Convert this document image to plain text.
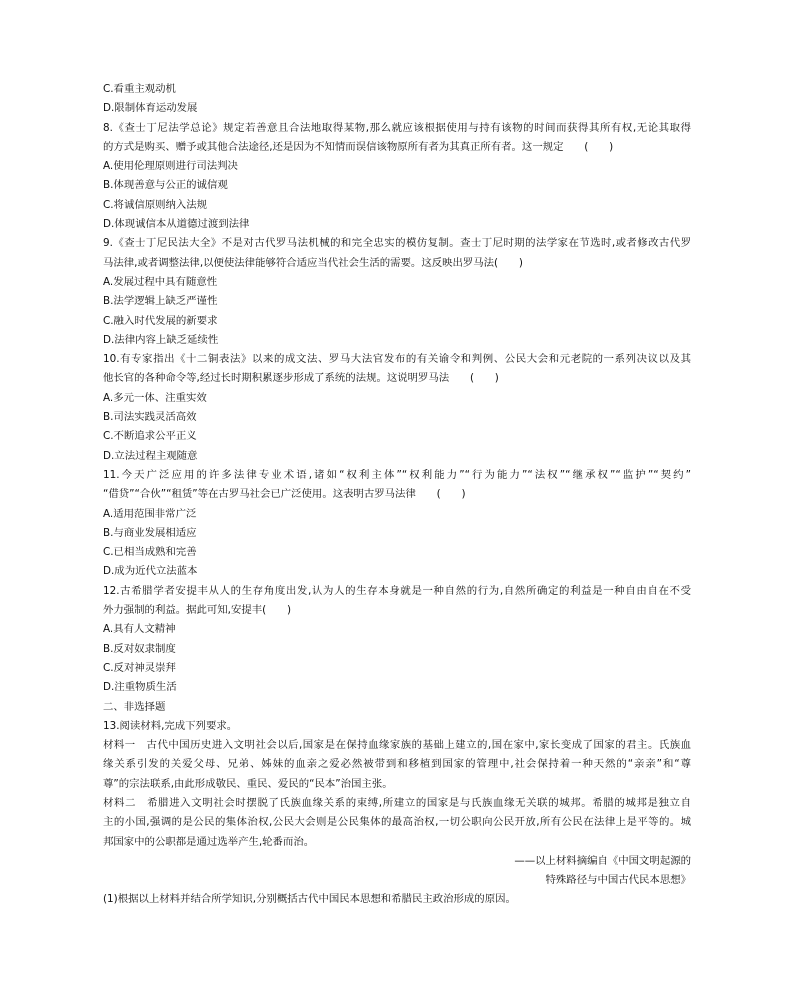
C.看重主观动机
D.限制体育运动发展
8.《查士丁尼法学总论》规定若善意且合法地取得某物,那么就应该根据使用与持有该物的时间而获得其所有权,无论其取得
的方式是购买、赠予或其他合法途径,还是因为不知情而误信该物原所有者为其真正所有者。这一规定　　(　　)
A.使用伦理原则进行司法判决
B.体现善意与公正的诚信观
C.将诚信原则纳入法规
D.体现诚信本从道德过渡到法律
9.《查士丁尼民法大全》不是对古代罗马法机械的和完全忠实的模仿复制。查士丁尼时期的法学家在节选时,或者修改古代罗
马法律,或者调整法律,以便使法律能够符合适应当代社会生活的需要。这反映出罗马法(　　)
A.发展过程中具有随意性
B.法学逻辑上缺乏严谨性
C.融入时代发展的新要求
D.法律内容上缺乏延续性
10.有专家指出《十二铜表法》以来的成文法、罗马大法官发布的有关谕令和判例、公民大会和元老院的一系列决议以及其
他长官的各种命令等,经过长时期积累逐步形成了系统的法规。这说明罗马法　　(　　)
A.多元一体、注重实效
B.司法实践灵活高效
C.不断追求公平正义
D.立法过程主观随意
11.今天广泛应用的许多法律专业术语,诸如“权利主体”“权利能力”“行为能力”“法权”“继承权”“监护”“契约”
“借贷”“合伙”“租赁”等在古罗马社会已广泛使用。这表明古罗马法律　　(　　)
A.适用范围非常广泛
B.与商业发展相适应
C.已相当成熟和完善
D.成为近代立法蓝本
12.古希腊学者安提丰从人的生存角度出发,认为人的生存本身就是一种自然的行为,自然所确定的利益是一种自由自在不受
外力强制的利益。据此可知,安提丰(　　)
A.具有人文精神
B.反对奴隶制度
C.反对神灵崇拜
D.注重物质生活
二、非选择题
13.阅读材料,完成下列要求。
材料一　古代中国历史进入文明社会以后,国家是在保持血缘家族的基础上建立的,国在家中,家长变成了国家的君主。氏族血
缘关系引发的关爱父母、兄弟、姊妹的血亲之爱必然被带到和移植到国家的管理中,社会保持着一种天然的“亲亲”和“尊
尊”的宗法联系,由此形成敬民、重民、爱民的“民本”治国主张。
材料二　希腊进入文明社会时摆脱了氏族血缘关系的束缚,所建立的国家是与氏族血缘无关联的城邦。希腊的城邦是独立自
主的小国,强调的是公民的集体治权,公民大会则是公民集体的最高治权,一切公职向公民开放,所有公民在法律上是平等的。城
邦国家中的公职都是通过选举产生,轮番而治。
——以上材料摘编自《中国文明起源的
特殊路径与中国古代民本思想》
(1)根据以上材料并结合所学知识,分别概括古代中国民本思想和希腊民主政治形成的原因。
